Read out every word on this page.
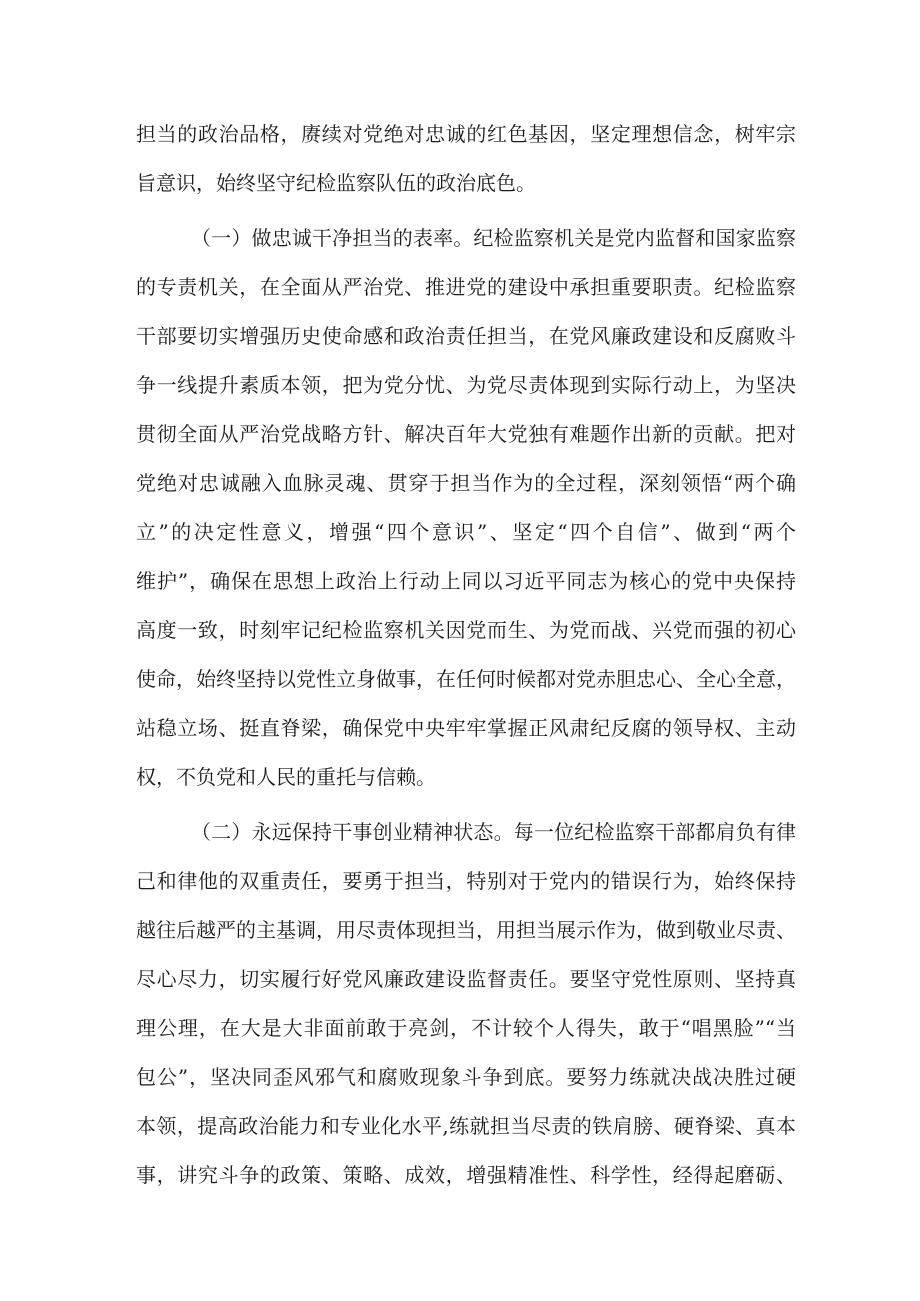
担当的政治品格，赓续对党绝对忠诚的红色基因，坚定理想信念，树牢宗
旨意识，始终坚守纪检监察队伍的政治底色。
（一）做忠诚干净担当的表率。纪检监察机关是党内监督和国家监察
的专责机关，在全面从严治党、推进党的建设中承担重要职责。纪检监察
干部要切实增强历史使命感和政治责任担当，在党风廉政建设和反腐败斗
争一线提升素质本领，把为党分忧、为党尽责体现到实际行动上，为坚决
贯彻全面从严治党战略方针、解决百年大党独有难题作出新的贡献。把对
党绝对忠诚融入血脉灵魂、贯穿于担当作为的全过程，深刻领悟“两个确
立”的决定性意义，增强“四个意识”、坚定“四个自信”、做到“两个
维护”，确保在思想上政治上行动上同以习近平同志为核心的党中央保持
高度一致，时刻牢记纪检监察机关因党而生、为党而战、兴党而强的初心
使命，始终坚持以党性立身做事，在任何时候都对党赤胆忠心、全心全意，
站稳立场、挺直脊梁，确保党中央牢牢掌握正风肃纪反腐的领导权、主动
权，不负党和人民的重托与信赖。
（二）永远保持干事创业精神状态。每一位纪检监察干部都肩负有律
己和律他的双重责任，要勇于担当，特别对于党内的错误行为，始终保持
越往后越严的主基调，用尽责体现担当，用担当展示作为，做到敬业尽责、
尽心尽力，切实履行好党风廉政建设监督责任。要坚守党性原则、坚持真
理公理，在大是大非面前敢于亮剑，不计较个人得失，敢于“唱黑脸”“当
包公”，坚决同歪风邪气和腐败现象斗争到底。要努力练就决战决胜过硬
本领，提高政治能力和专业化水平,练就担当尽责的铁肩膀、硬脊梁、真本
事，讲究斗争的政策、策略、成效，增强精准性、科学性，经得起磨砺、
